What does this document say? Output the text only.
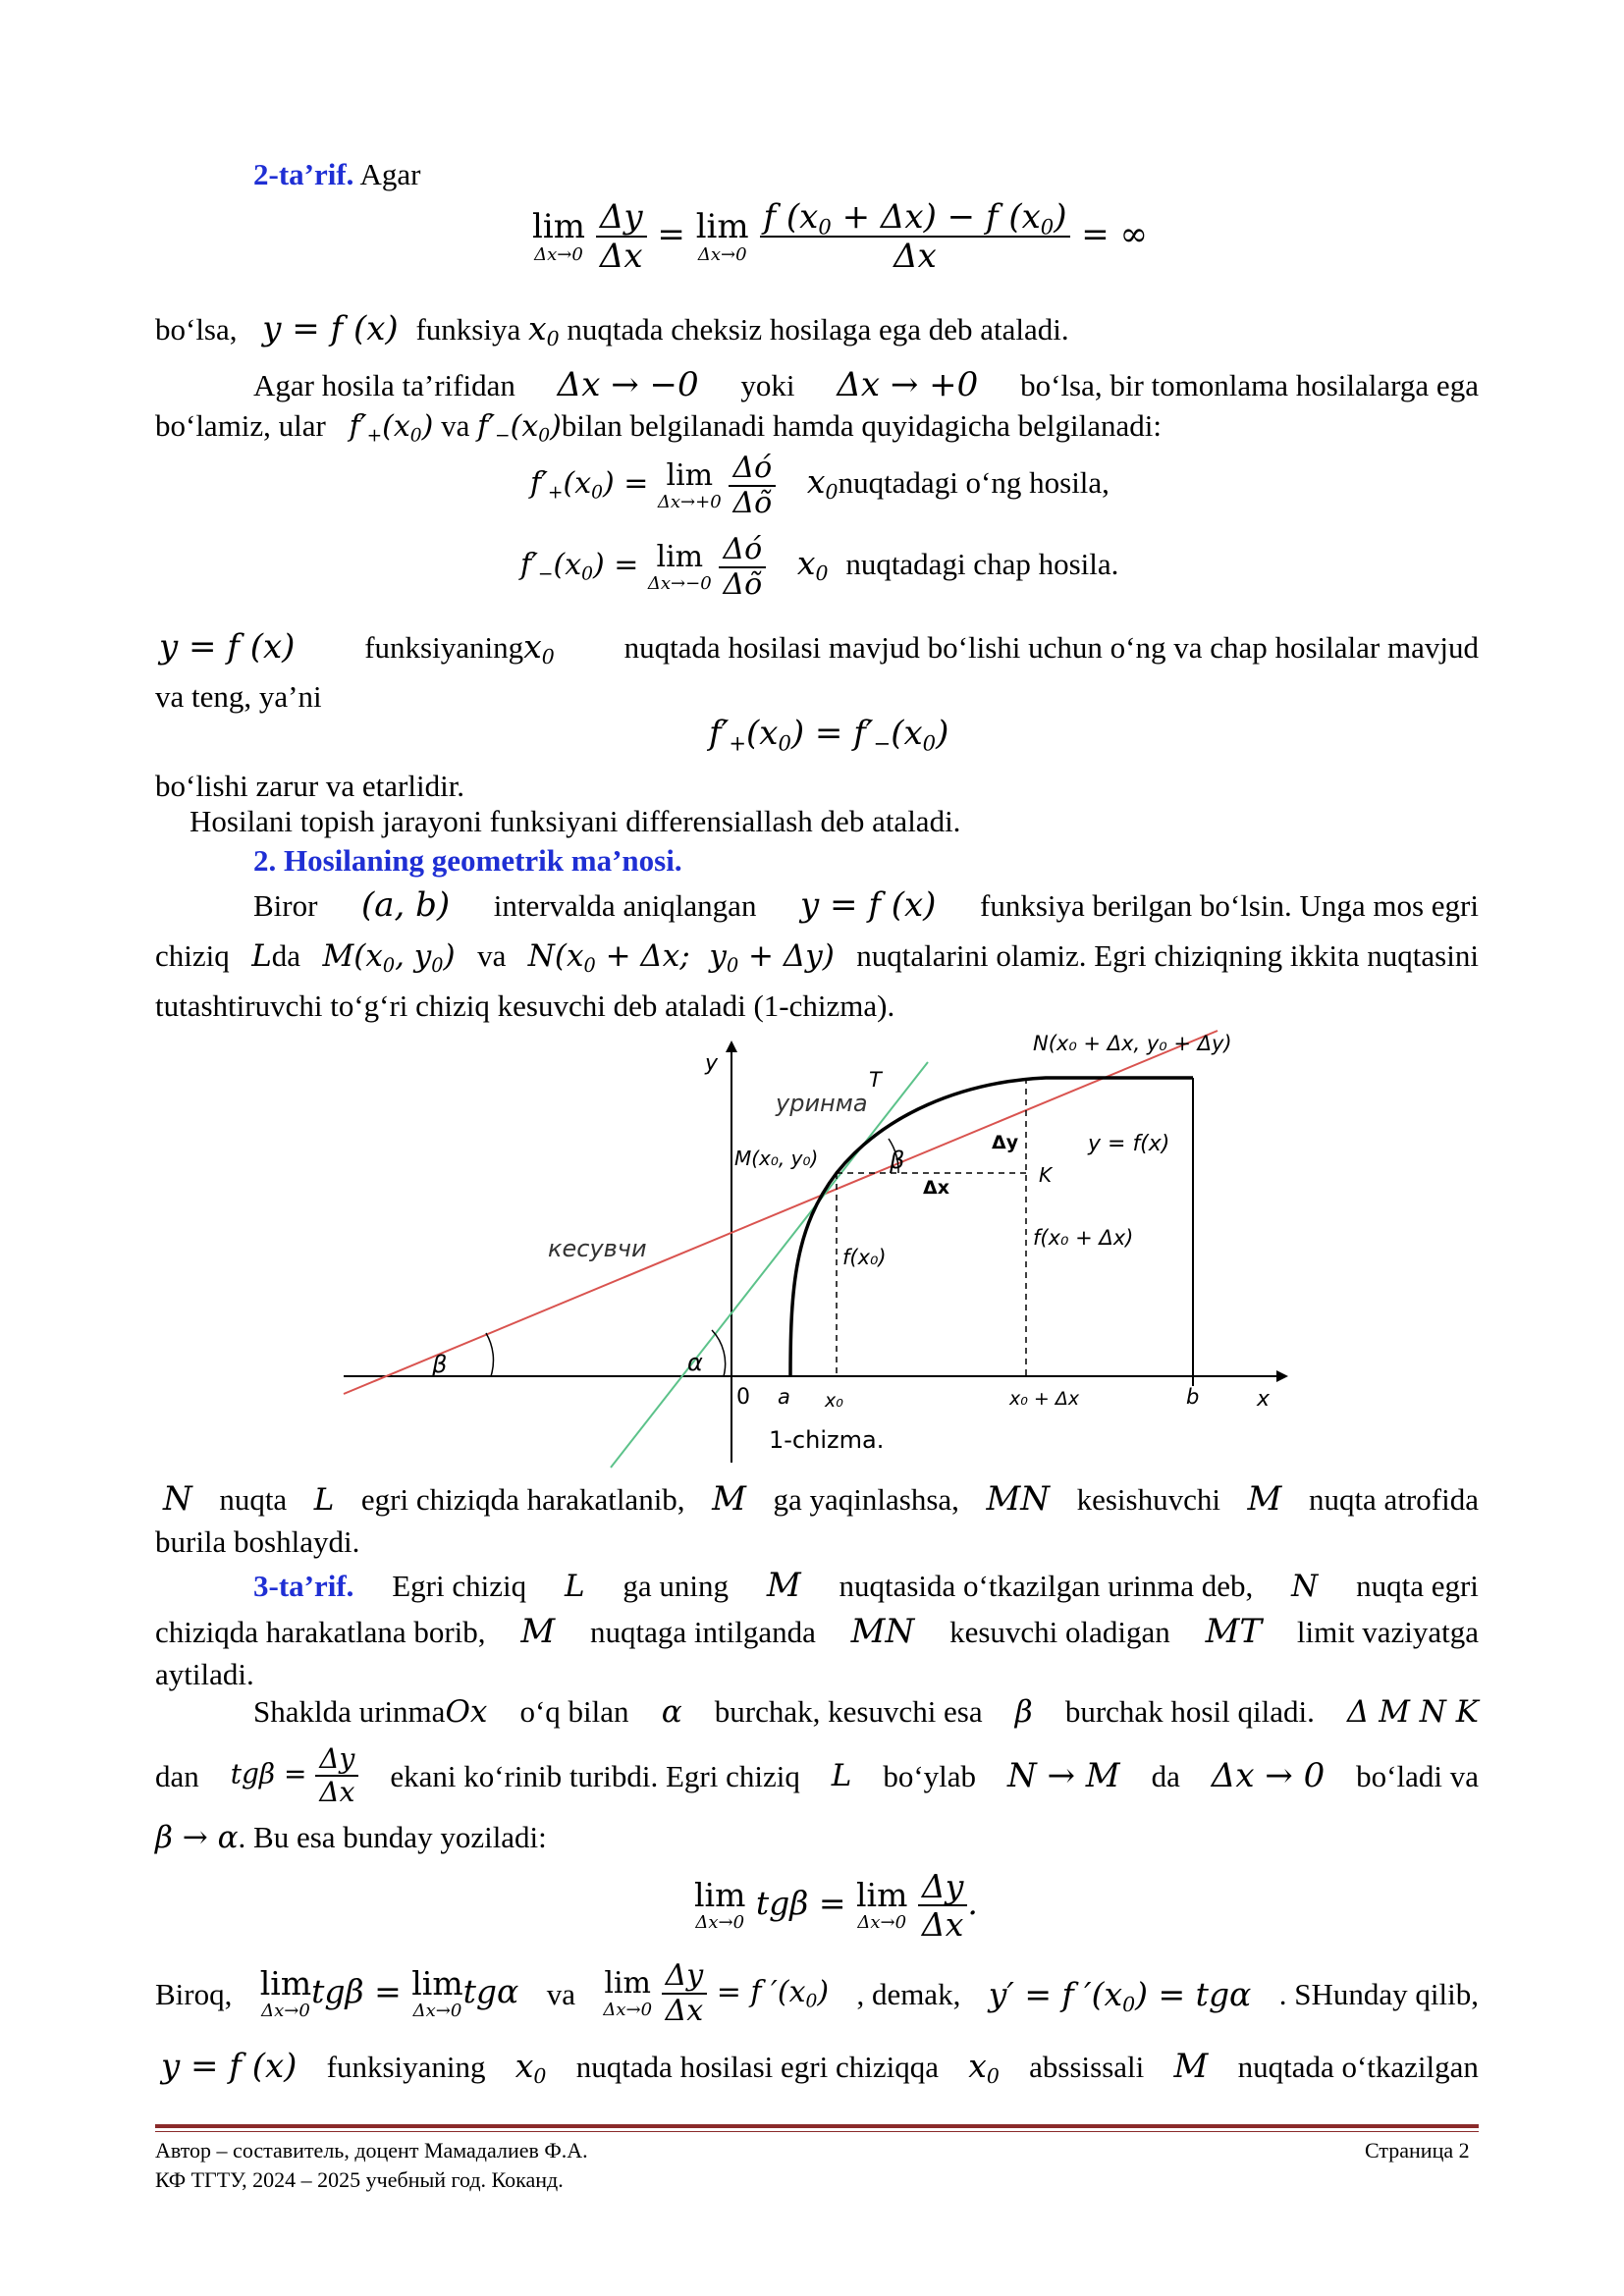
2-ta’rif. Agar
lim
Δx→0
$\frac{\Delta y}{\Delta x} = \lim$
Δx→0
$\frac{f (x_0 + \Delta x) - f (x_0)}{\Delta x}$ = ∞
bo‘lsa, y = f (x) funksiya $x_0$ nuqtada cheksiz hosilaga ega deb ataladi.
Agar hosila ta’rifidan Δx → −0 yoki Δx → +0 bo‘lsa, bir tomonlama hosilalarga ega
bo‘lamiz, ular $f'_+(x_0)$ va $f'_-(x_0)bilan$ belgilanadi hamda quyidagicha belgilanadi:
$f'_+(x_0) = \lim$
Δx→+0
$\frac{\Delta ó}{\Delta õ}$ $x_0nuqtadagi$ o‘ng hosila,
$f'_-(x_0) = \lim$
Δx→−0
$\frac{\Delta ó}{\Delta õ} x_0$ nuqtadagi chap hosila.
y = f (x) funksiyaningx$_0$ nuqtada hosilasi mavjud bo‘lishi uchun o‘ng va chap hosilalar mavjud
va teng, ya’ni
$f'_+(x_0) = f'_-(x_0)$
bo‘lishi zarur va etarlidir.
Hosilani topish jarayoni funksiyani differensiallash deb ataladi.
2. Hosilaning geometrik ma’nosi.
Biror (a, b) intervalda aniqlangan y = f (x) funksiya berilgan bo‘lsin. Unga mos egri
chiziq Lda $M(x_0$, $y_0$) va $N(x_0 + \Delta x$;  $y_0 + \Delta y$) nuqtalarini olamiz. Egri chiziqning ikkita nuqtasini
tutashtiruvchi to‘g‘ri chiziq kesuvchi deb ataladi (1-chizma).
N(x₀ + Δx, y₀ + Δy)
T
уринма
кесувчи
M(x₀, y₀)	β
Δy
Δx
K
y = f(x)
f(x₀)
f(x₀ + Δx)
β	α
y
x
0 a x₀	x₀ + Δx	b
1-chizma.
N nuqta L egri chiziqda harakatlanib, M ga yaqinlashsa, MN kesishuvchi M nuqta atrofida
burila boshlaydi.
3-ta’rif. Egri chiziq L ga uning M nuqtasida o‘tkazilgan urinma deb, N nuqta egri
chiziqda harakatlana borib, M nuqtaga intilganda MN kesuvchi oladigan MT limit vaziyatga
aytiladi.
Shaklda urinmaOx o‘q bilan α burchak, kesuvchi esa β burchak hosil qiladi. Δ M N K
dan $tg\beta = \frac{\Delta y}{\Delta x}$ ekani ko‘rinib turibdi. Egri chiziq L bo‘ylab N → M da Δx → 0 bo‘ladi va
β → α. Bu esa bunday yoziladi:
lim
Δx→0
tgβ = lim
Δx→0
$\frac{\Delta y}{\Delta x}$ .
Biroq, lim
Δx→0
tgβ = lim
Δx→0
tgα va lim
Δx→0
$\frac{\Delta y}{\Delta x} = f$ $'(x_0)$ , demak, y′ = f $'(x_0) = tg\alpha$ . SHunday qilib,
y = f (x) funksiyaning $x_0$ nuqtada hosilasi egri chiziqqa $x_0$ abssissali M nuqtada o‘tkazilgan
Автор – составитель, доцент Мамадалиев Ф.А.	Страница 2
КФ ТГТУ, 2024 – 2025 учебный год. Коканд.
